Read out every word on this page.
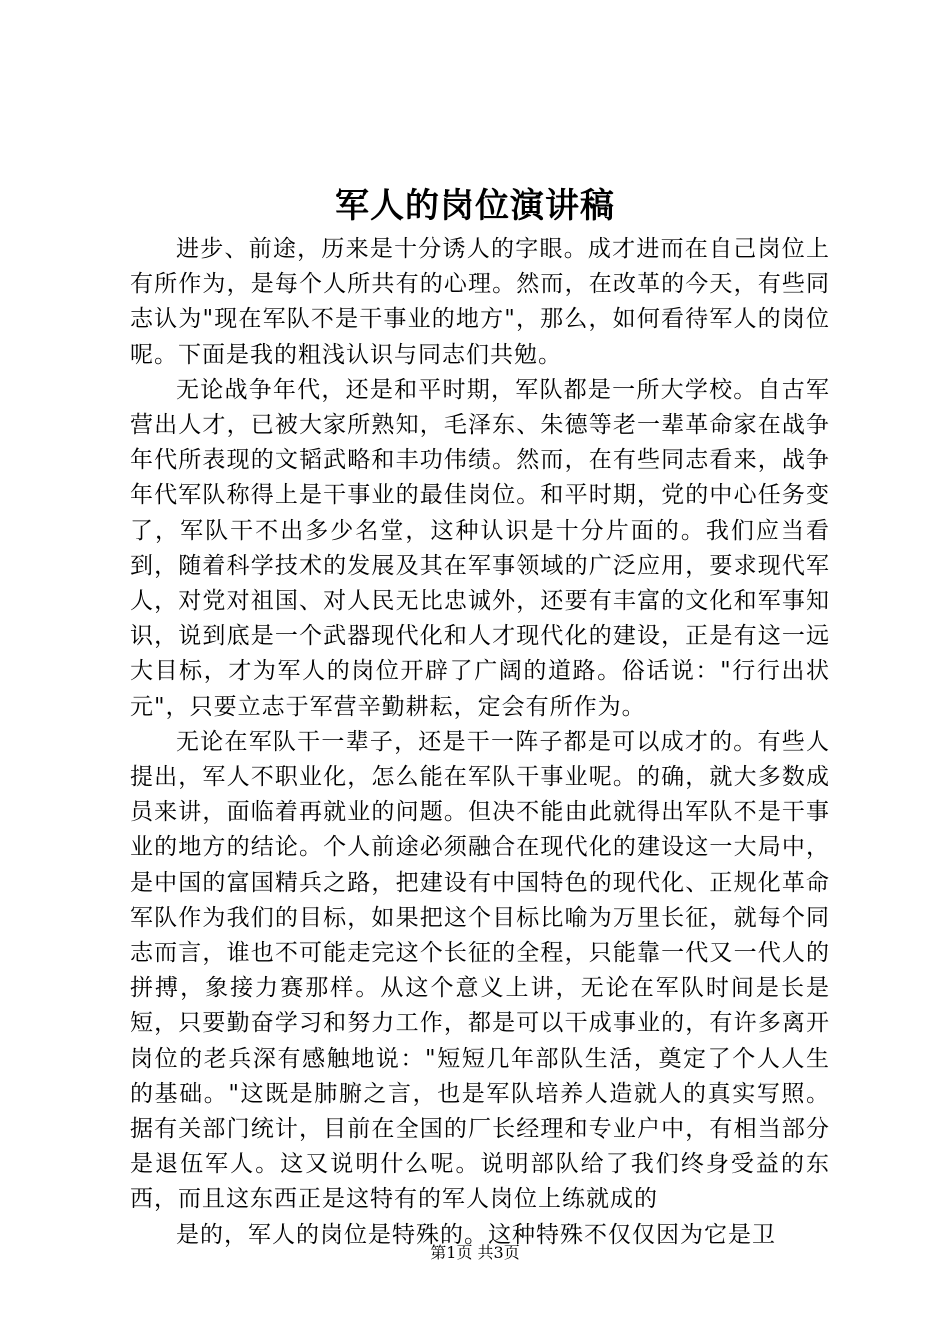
军人的岗位演讲稿

进步、前途，历来是十分诱人的字眼。成才进而在自己岗位上有所作为，是每个人所共有的心理。然而，在改革的今天，有些同志认为"现在军队不是干事业的地方"，那么，如何看待军人的岗位呢。下面是我的粗浅认识与同志们共勉。

无论战争年代，还是和平时期，军队都是一所大学校。自古军营出人才，已被大家所熟知，毛泽东、朱德等老一辈革命家在战争年代所表现的文韬武略和丰功伟绩。然而，在有些同志看来，战争年代军队称得上是干事业的最佳岗位。和平时期，党的中心任务变了，军队干不出多少名堂，这种认识是十分片面的。我们应当看到，随着科学技术的发展及其在军事领域的广泛应用，要求现代军人，对党对祖国、对人民无比忠诚外，还要有丰富的文化和军事知识，说到底是一个武器现代化和人才现代化的建设，正是有这一远大目标，才为军人的岗位开辟了广阔的道路。俗话说："行行出状元"，只要立志于军营辛勤耕耘，定会有所作为。

无论在军队干一辈子，还是干一阵子都是可以成才的。有些人提出，军人不职业化，怎么能在军队干事业呢。的确，就大多数成员来讲，面临着再就业的问题。但决不能由此就得出军队不是干事业的地方的结论。个人前途必须融合在现代化的建设这一大局中，是中国的富国精兵之路，把建设有中国特色的现代化、正规化革命军队作为我们的目标，如果把这个目标比喻为万里长征，就每个同志而言，谁也不可能走完这个长征的全程，只能靠一代又一代人的拼搏，象接力赛那样。从这个意义上讲，无论在军队时间是长是短，只要勤奋学习和努力工作，都是可以干成事业的，有许多离开岗位的老兵深有感触地说："短短几年部队生活，奠定了个人人生的基础。"这既是肺腑之言，也是军队培养人造就人的真实写照。据有关部门统计，目前在全国的厂长经理和专业户中，有相当部分是退伍军人。这又说明什么呢。说明部队给了我们终身受益的东西，而且这东西正是这特有的军人岗位上练就成的

是的，军人的岗位是特殊的。这种特殊不仅仅因为它是卫

第1页 共3页
